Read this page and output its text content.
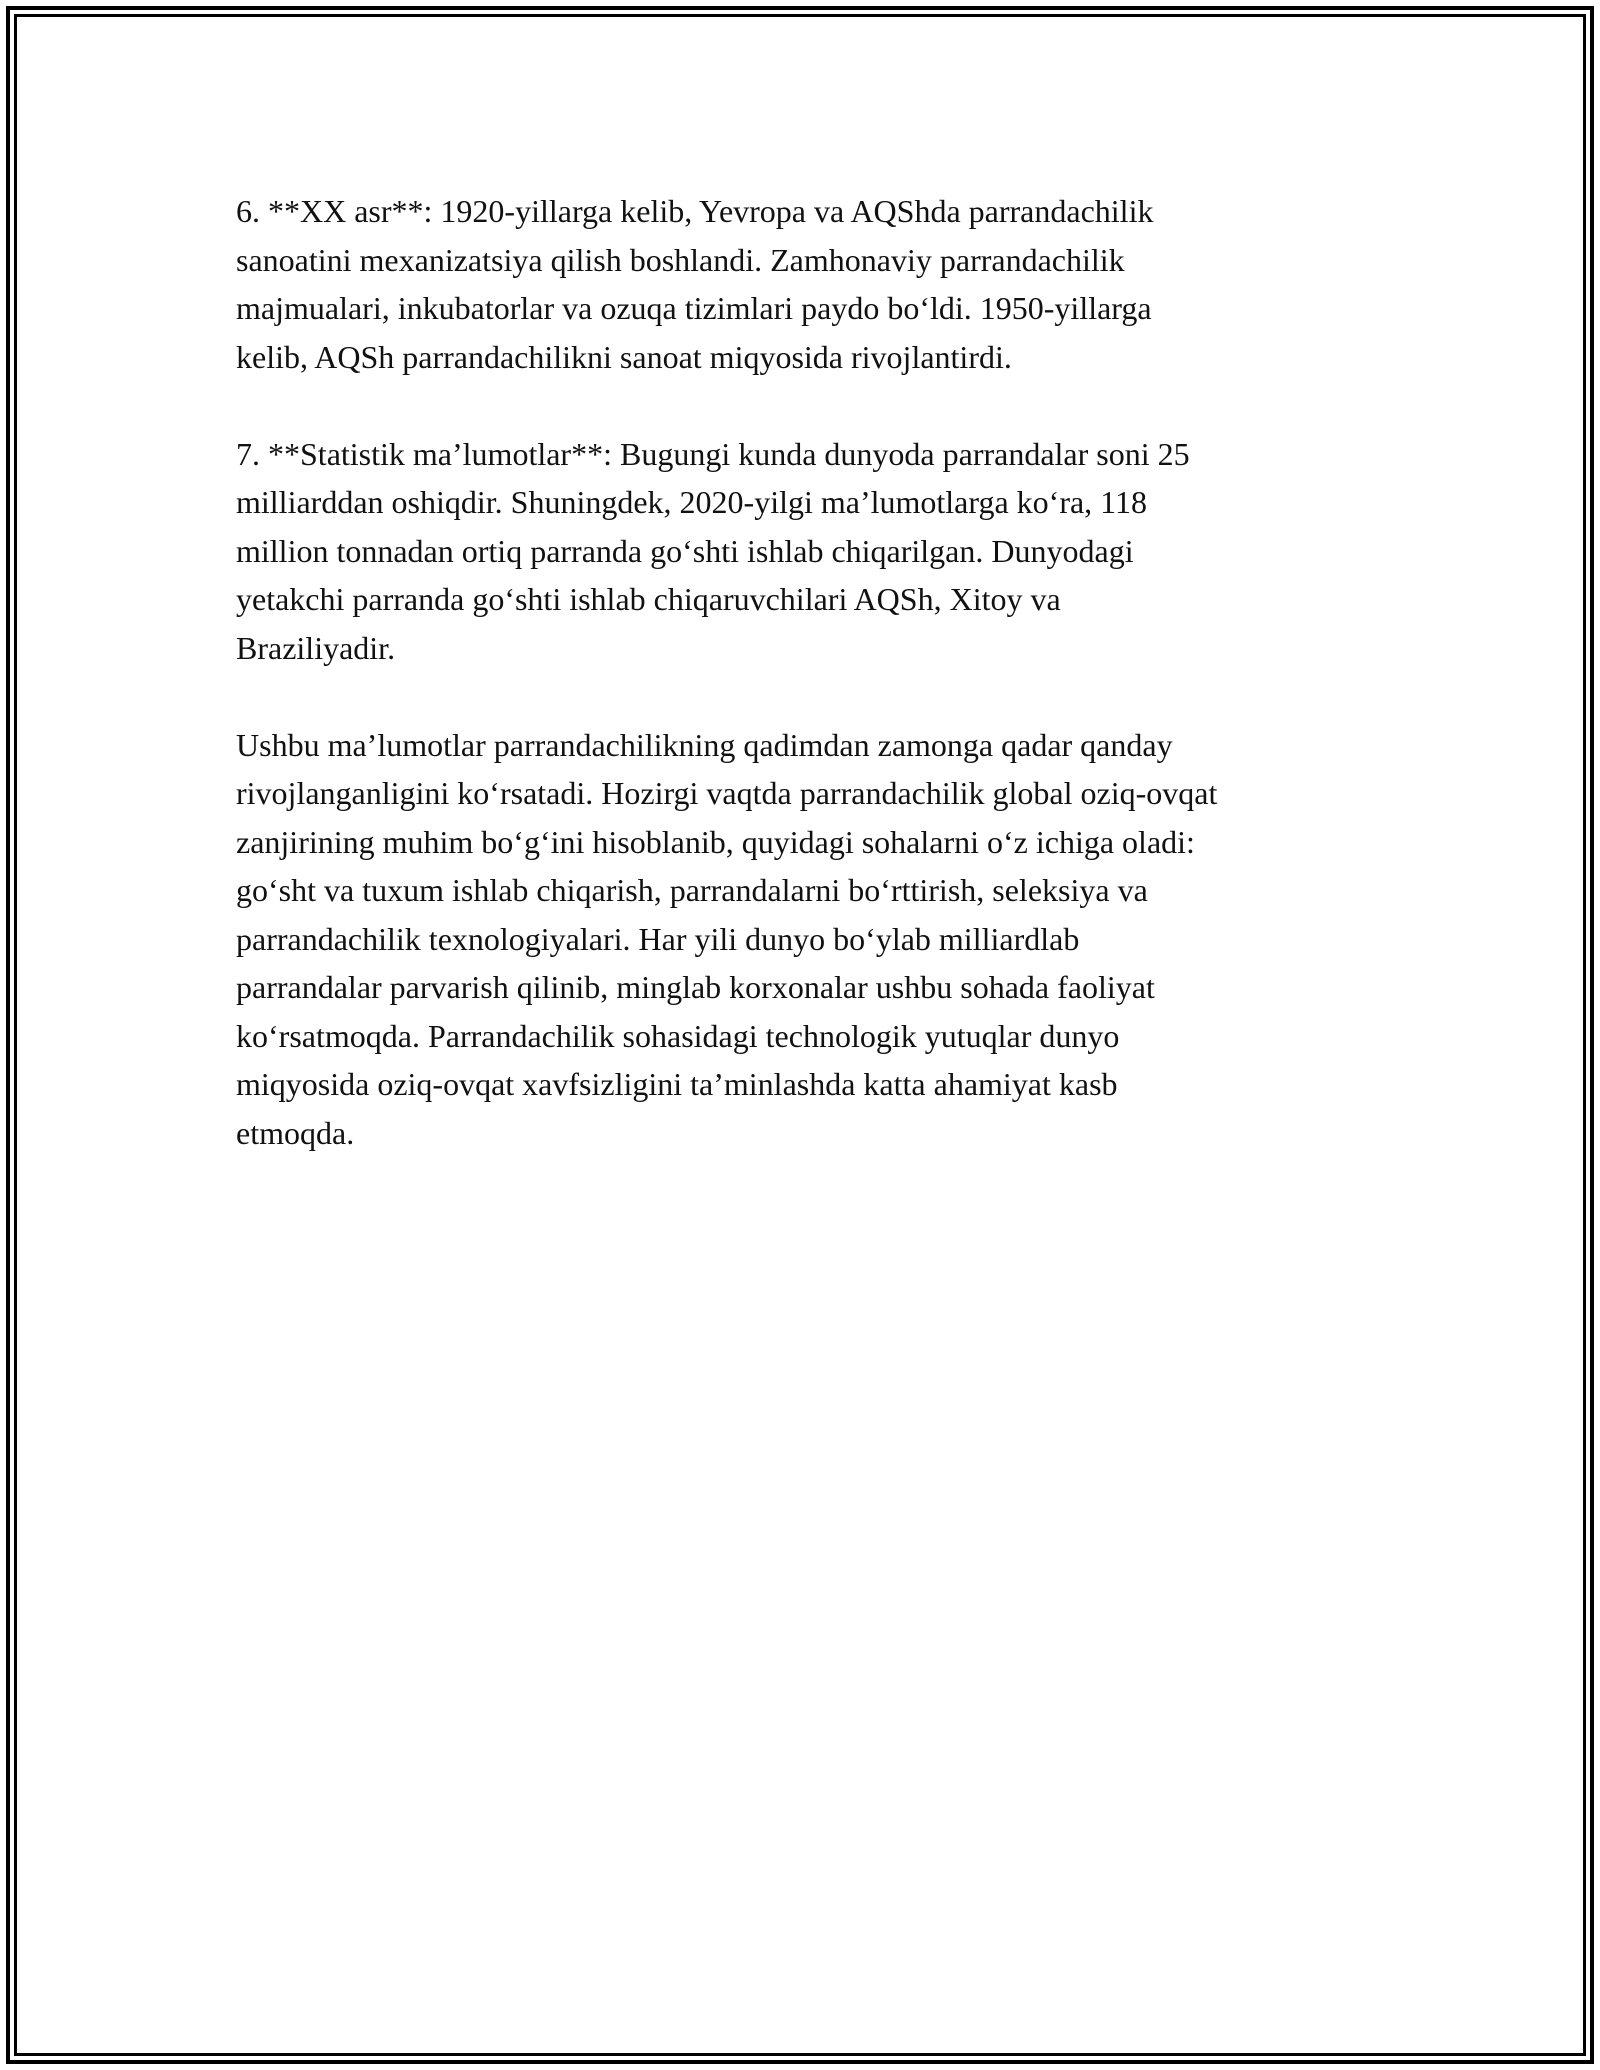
6. **XX asr**: 1920-yillarga kelib, Yevropa va AQShda parrandachilik
sanoatini mexanizatsiya qilish boshlandi. Zamhonaviy parrandachilik
majmualari, inkubatorlar va ozuqa tizimlari paydo bo‘ldi. 1950-yillarga
kelib, AQSh parrandachilikni sanoat miqyosida rivojlantirdi.

7. **Statistik ma’lumotlar**: Bugungi kunda dunyoda parrandalar soni 25
milliarddan oshiqdir. Shuningdek, 2020-yilgi ma’lumotlarga ko‘ra, 118
million tonnadan ortiq parranda go‘shti ishlab chiqarilgan. Dunyodagi
yetakchi parranda go‘shti ishlab chiqaruvchilari AQSh, Xitoy va
Braziliyadir.

Ushbu ma’lumotlar parrandachilikning qadimdan zamonga qadar qanday
rivojlanganligini ko‘rsatadi. Hozirgi vaqtda parrandachilik global oziq-ovqat
zanjirining muhim bo‘g‘ini hisoblanib, quyidagi sohalarni o‘z ichiga oladi:
go‘sht va tuxum ishlab chiqarish, parrandalarni bo‘rttirish, seleksiya va
parrandachilik texnologiyalari. Har yili dunyo bo‘ylab milliardlab
parrandalar parvarish qilinib, minglab korxonalar ushbu sohada faoliyat
ko‘rsatmoqda. Parrandachilik sohasidagi technologik yutuqlar dunyo
miqyosida oziq-ovqat xavfsizligini ta’minlashda katta ahamiyat kasb
etmoqda.
